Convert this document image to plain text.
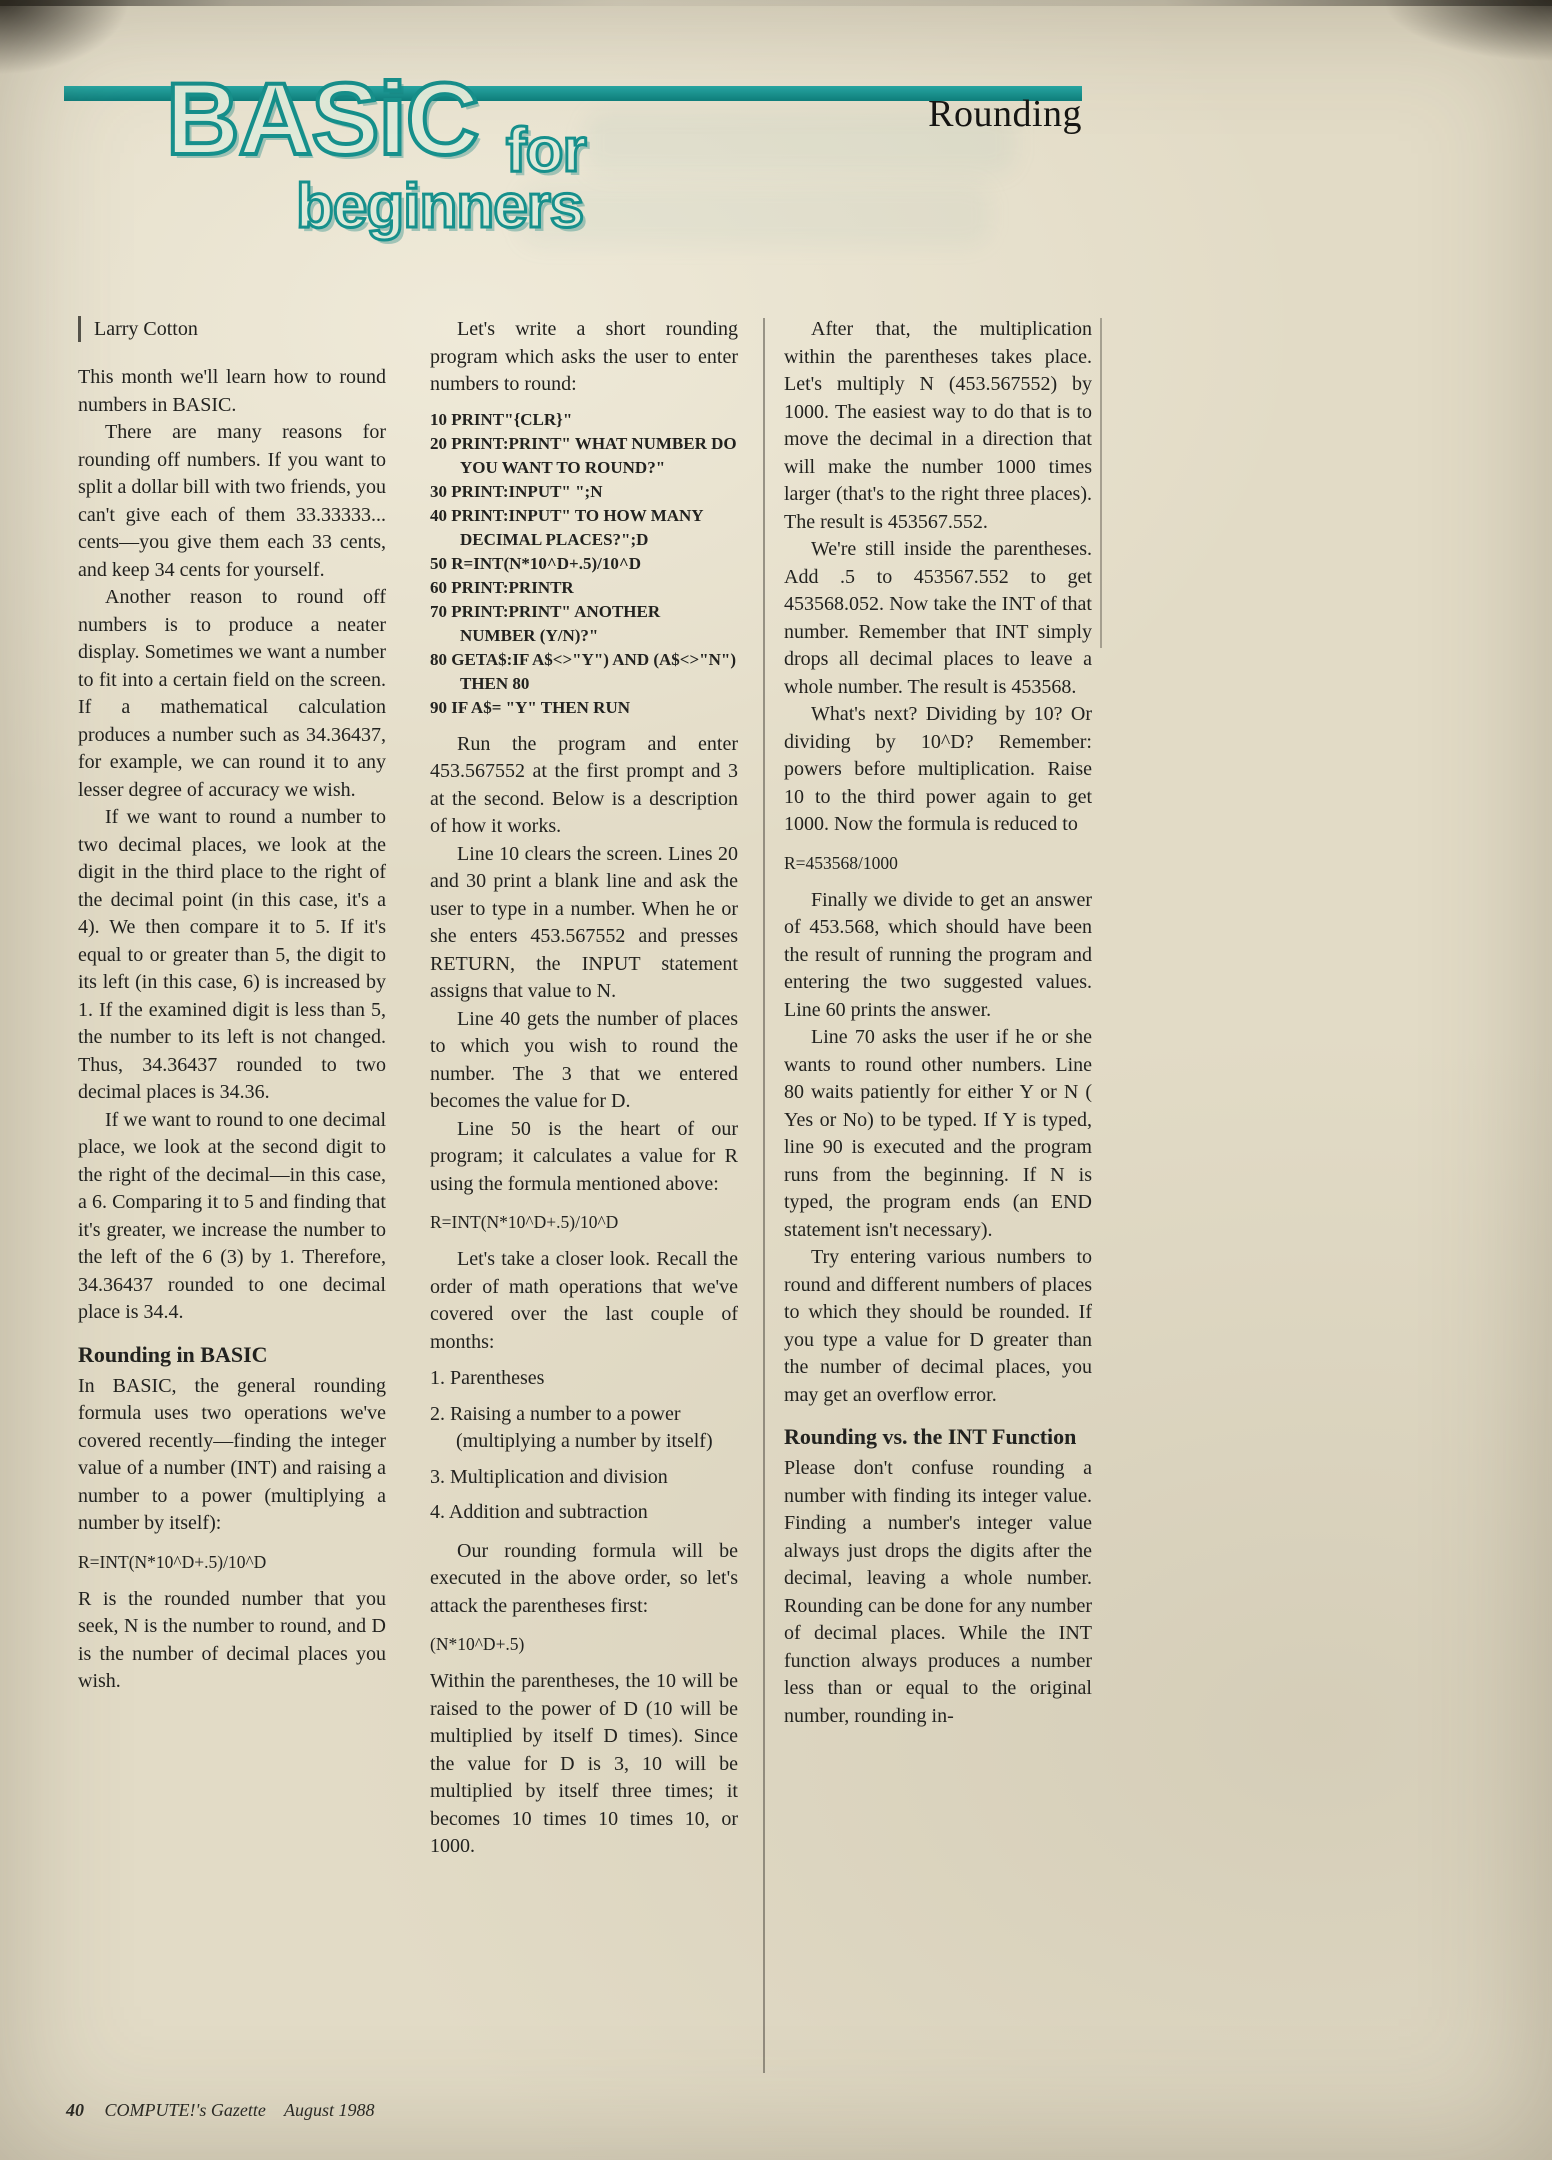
BASiC for
beginners
Rounding
Larry Cotton

This month we'll learn how to round numbers in BASIC.

There are many reasons for rounding off numbers. If you want to split a dollar bill with two friends, you can't give each of them 33.33333... cents—you give them each 33 cents, and keep 34 cents for yourself.

Another reason to round off numbers is to produce a neater display. Sometimes we want a number to fit into a certain field on the screen. If a mathematical calculation produces a number such as 34.36437, for example, we can round it to any lesser degree of accuracy we wish.

If we want to round a number to two decimal places, we look at the digit in the third place to the right of the decimal point (in this case, it's a 4). We then compare it to 5. If it's equal to or greater than 5, the digit to its left (in this case, 6) is increased by 1. If the examined digit is less than 5, the number to its left is not changed. Thus, 34.36437 rounded to two decimal places is 34.36.

If we want to round to one decimal place, we look at the second digit to the right of the decimal—in this case, a 6. Comparing it to 5 and finding that it's greater, we increase the number to the left of the 6 (3) by 1. Therefore, 34.36437 rounded to one decimal place is 34.4.

Rounding in BASIC

In BASIC, the general rounding formula uses two operations we've covered recently—finding the integer value of a number (INT) and raising a number to a power (multiplying a number by itself):

R=INT(N*10^D+.5)/10^D

R is the rounded number that you seek, N is the number to round, and D is the number of decimal places you wish.

Let's write a short rounding program which asks the user to enter numbers to round:

10 PRINT"{CLR}"
20 PRINT:PRINT" WHAT NUMBER DO YOU WANT TO ROUND?"
30 PRINT:INPUT" ";N
40 PRINT:INPUT" TO HOW MANY DECIMAL PLACES?";D
50 R=INT(N*10^D+.5)/10^D
60 PRINT:PRINTR
70 PRINT:PRINT" ANOTHER NUMBER (Y/N)?"
80 GETA$:IF A$<>"Y") AND (A$<>"N") THEN 80
90 IF A$= "Y" THEN RUN

Run the program and enter 453.567552 at the first prompt and 3 at the second. Below is a description of how it works.

Line 10 clears the screen. Lines 20 and 30 print a blank line and ask the user to type in a number. When he or she enters 453.567552 and presses RETURN, the INPUT statement assigns that value to N.

Line 40 gets the number of places to which you wish to round the number. The 3 that we entered becomes the value for D.

Line 50 is the heart of our program; it calculates a value for R using the formula mentioned above:

R=INT(N*10^D+.5)/10^D

Let's take a closer look. Recall the order of math operations that we've covered over the last couple of months:

1. Parentheses
2. Raising a number to a power (multiplying a number by itself)
3. Multiplication and division
4. Addition and subtraction

Our rounding formula will be executed in the above order, so let's attack the parentheses first:

(N*10^D+.5)

Within the parentheses, the 10 will be raised to the power of D (10 will be multiplied by itself D times). Since the value for D is 3, 10 will be multiplied by itself three times; it becomes 10 times 10 times 10, or 1000.

After that, the multiplication within the parentheses takes place. Let's multiply N (453.567552) by 1000. The easiest way to do that is to move the decimal in a direction that will make the number 1000 times larger (that's to the right three places). The result is 453567.552.

We're still inside the parentheses. Add .5 to 453567.552 to get 453568.052. Now take the INT of that number. Remember that INT simply drops all decimal places to leave a whole number. The result is 453568.

What's next? Dividing by 10? Or dividing by 10^D? Remember: powers before multiplication. Raise 10 to the third power again to get 1000. Now the formula is reduced to

R=453568/1000

Finally we divide to get an answer of 453.568, which should have been the result of running the program and entering the two suggested values. Line 60 prints the answer.

Line 70 asks the user if he or she wants to round other numbers. Line 80 waits patiently for either Y or N ( Yes or No) to be typed. If Y is typed, line 90 is executed and the program runs from the beginning. If N is typed, the program ends (an END statement isn't necessary).

Try entering various numbers to round and different numbers of places to which they should be rounded. If you type a value for D greater than the number of decimal places, you may get an overflow error.

Rounding vs. the INT Function

Please don't confuse rounding a number with finding its integer value. Finding a number's integer value always just drops the digits after the decimal, leaving a whole number. Rounding can be done for any number of decimal places. While the INT function always produces a number less than or equal to the original number, rounding in-

40 COMPUTE!'s Gazette August 1988
